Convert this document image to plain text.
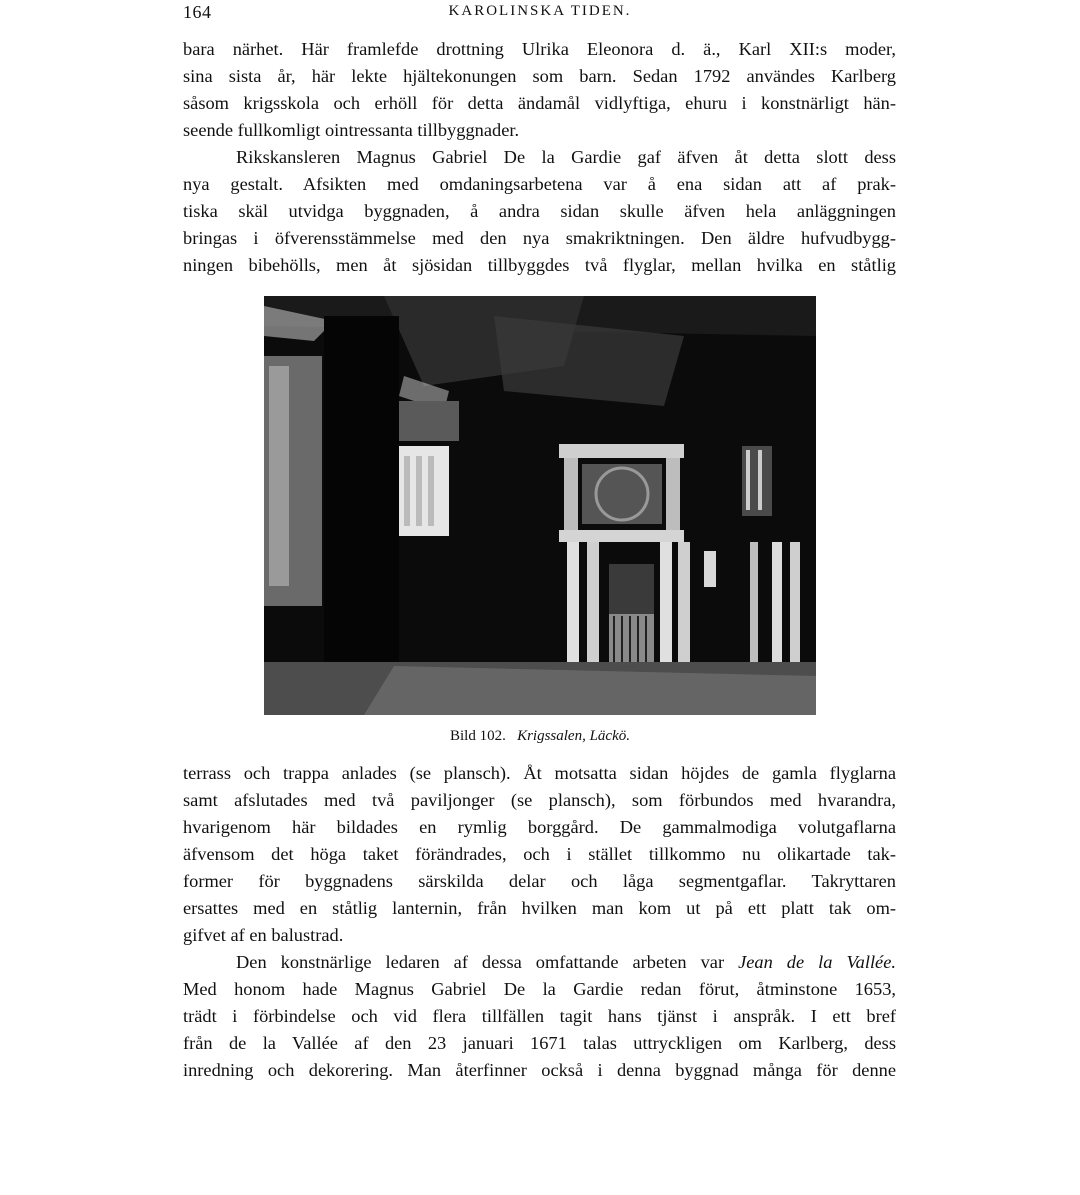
164	KAROLINSKA TIDEN.
bara närhet. Här framlefde drottning Ulrika Eleonora d. ä., Karl XII:s moder,
sina sista år, här lekte hjältekonungen som barn. Sedan 1792 användes Karlberg
såsom krigsskola och erhöll för detta ändamål vidlyftiga, ehuru i konstnärligt hän-
seende fullkomligt ointressanta tillbyggnader.
Rikskansleren Magnus Gabriel De la Gardie gaf äfven åt detta slott dess
nya gestalt. Afsikten med omdaningsarbetena var å ena sidan att af prak-
tiska skäl utvidga byggnaden, å andra sidan skulle äfven hela anläggningen
bringas i öfverensstämmelse med den nya smakriktningen. Den äldre hufvudbygg-
ningen bibehölls, men åt sjösidan tillbyggdes två flyglar, mellan hvilka en ståtlig
Bild 102. Krigssalen, Läckö.
terrass och trappa anlades (se plansch). Åt motsatta sidan höjdes de gamla flyglarna
samt afslutades med två paviljonger (se plansch), som förbundos med hvarandra,
hvarigenom här bildades en rymlig borggård. De gammalmodiga volutgaflarna
äfvensom det höga taket förändrades, och i stället tillkommo nu olikartade tak-
former för byggnadens särskilda delar och låga segmentgaflar. Takryttaren
ersattes med en ståtlig lanternin, från hvilken man kom ut på ett platt tak om-
gifvet af en balustrad.
Den konstnärlige ledaren af dessa omfattande arbeten var Jean de la Vallée.
Med honom hade Magnus Gabriel De la Gardie redan förut, åtminstone 1653,
trädt i förbindelse och vid flera tillfällen tagit hans tjänst i anspråk. I ett bref
från de la Vallée af den 23 januari 1671 talas uttryckligen om Karlberg, dess
inredning och dekorering. Man återfinner också i denna byggnad många för denne
